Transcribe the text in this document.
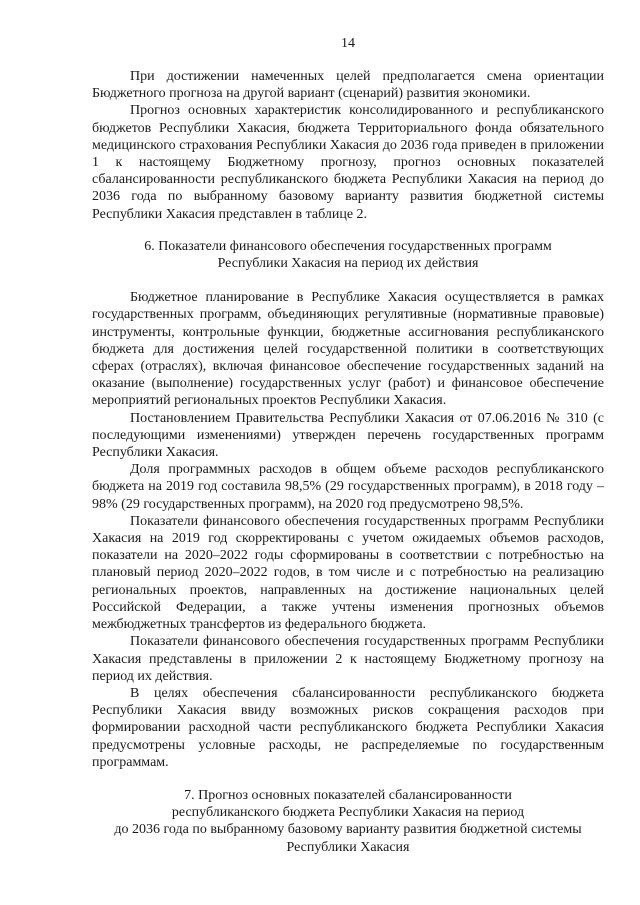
14

При достижении намеченных целей предполагается смена ориентации Бюджетного прогноза на другой вариант (сценарий) развития экономики.

Прогноз основных характеристик консолидированного и республиканского бюджетов Республики Хакасия, бюджета Территориального фонда обязательного медицинского страхования Республики Хакасия до 2036 года приведен в приложении 1 к настоящему Бюджетному прогнозу, прогноз основных показателей сбалансированности республиканского бюджета Республики Хакасия на период до 2036 года по выбранному базовому варианту развития бюджетной системы Республики Хакасия представлен в таблице 2.

6. Показатели финансового обеспечения государственных программ
Республики Хакасия на период их действия

Бюджетное планирование в Республике Хакасия осуществляется в рамках государственных программ, объединяющих регулятивные (нормативные правовые) инструменты, контрольные функции, бюджетные ассигнования республиканского бюджета для достижения целей государственной политики в соответствующих сферах (отраслях), включая финансовое обеспечение государственных заданий на оказание (выполнение) государственных услуг (работ) и финансовое обеспечение мероприятий региональных проектов Республики Хакасия.

Постановлением Правительства Республики Хакасия от 07.06.2016 № 310 (с последующими изменениями) утвержден перечень государственных программ Республики Хакасия.

Доля программных расходов в общем объеме расходов республиканского бюджета на 2019 год составила 98,5% (29 государственных программ), в 2018 году – 98% (29 государственных программ), на 2020 год предусмотрено 98,5%.

Показатели финансового обеспечения государственных программ Республики Хакасия на 2019 год скорректированы с учетом ожидаемых объемов расходов, показатели на 2020–2022 годы сформированы в соответствии с потребностью на плановый период 2020–2022 годов, в том числе и с потребностью на реализацию региональных проектов, направленных на достижение национальных целей Российской Федерации, а также учтены изменения прогнозных объемов межбюджетных трансфертов из федерального бюджета.

Показатели финансового обеспечения государственных программ Республики Хакасия представлены в приложении 2 к настоящему Бюджетному прогнозу на период их действия.

В целях обеспечения сбалансированности республиканского бюджета Республики Хакасия ввиду возможных рисков сокращения расходов при формировании расходной части республиканского бюджета Республики Хакасия предусмотрены условные расходы, не распределяемые по государственным программам.

7. Прогноз основных показателей сбалансированности
республиканского бюджета Республики Хакасия на период
до 2036 года по выбранному базовому варианту развития бюджетной системы
Республики Хакасия
